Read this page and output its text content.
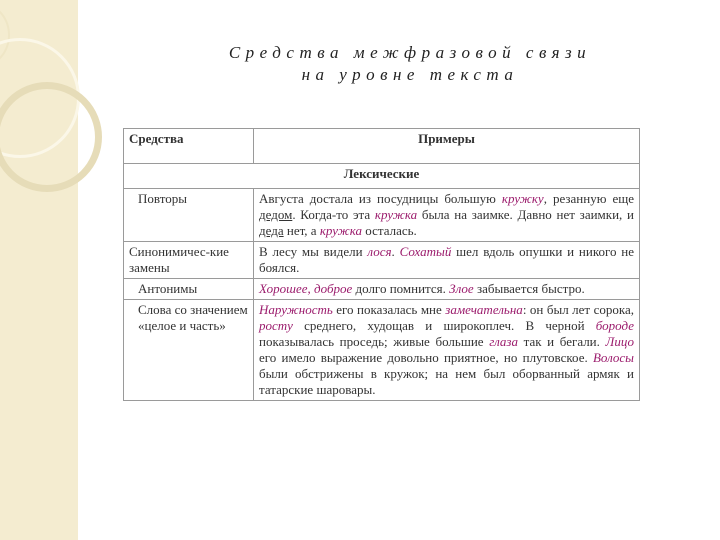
Средства межфразовой связи
на уровне текста
Средства	Примеры
Лексические	
Повторы	Августа достала из посудницы большую кружку, резанную еще дедом. Когда-то эта кружка была на заимке. Давно нет заимки, и деда нет, а кружка осталась.
Синонимичес-кие замены	В лесу мы видели лося. Сохатый шел вдоль опушки и никого не боялся.
Антонимы	Хорошее, доброе долго помнится. Злое забывается быстро.
Слова со значением «целое и часть»	Наружность его показалась мне замечательна: он был лет сорока, ростy среднего, худощав и широкоплеч. В черной бороде показывалась проседь; живые большие глаза так и бегали. Лицо его имело выражение довольно приятное, но плутовское. Волосы были обстрижены в кружок; на нем был оборванный армяк и татарские шаровары.
